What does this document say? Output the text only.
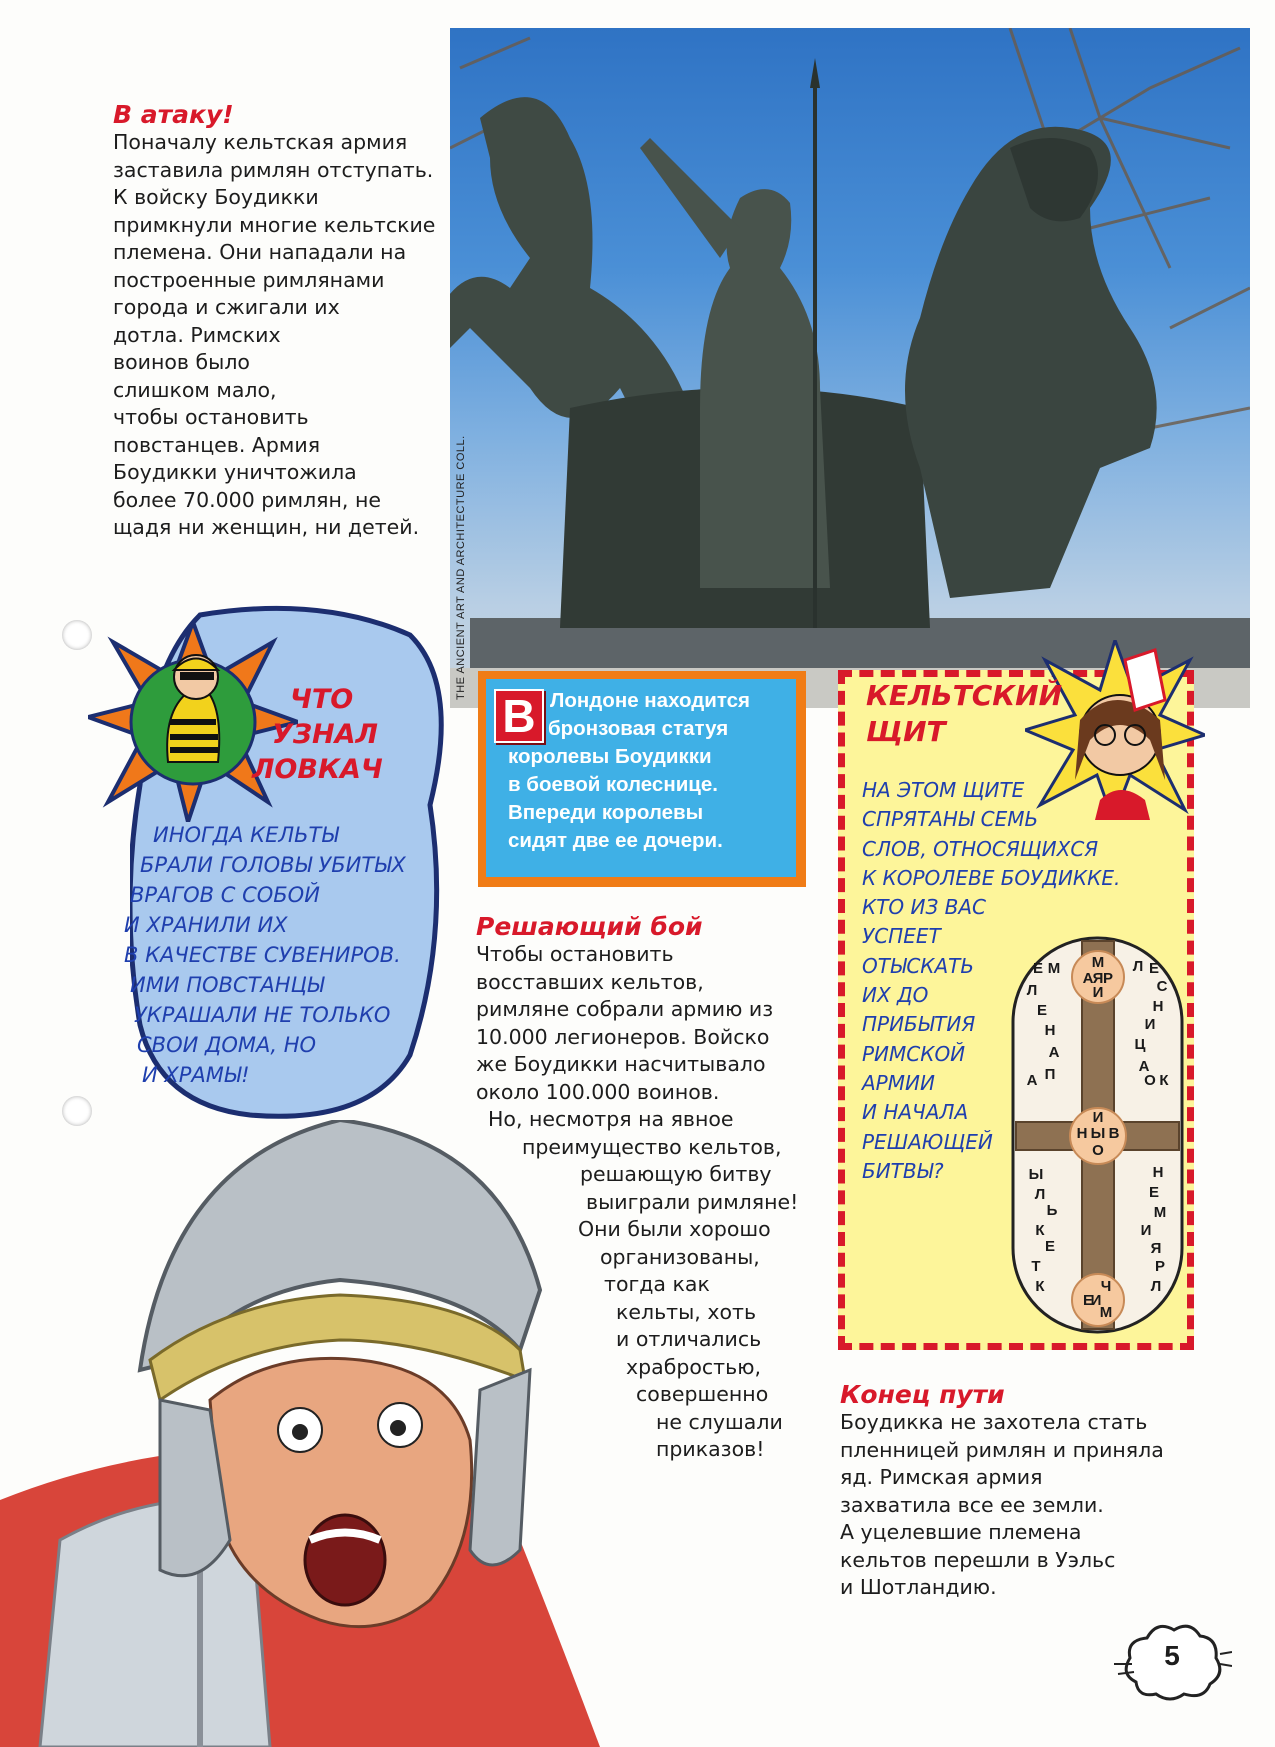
THE ANCIENT ART AND ARCHITECTURE COLL.
В атаку!

Поначалу кельтская армия
заставила римлян отступать.
К войску Боудикки
примкнули многие кельтские
племена. Они нападали на
построенные римлянами
города и сжигали их
дотла. Римских
воинов было
слишком мало,
чтобы остановить
повстанцев. Армия
Боудикки уничтожила
более 70.000 римлян, не
щадя ни женщин, ни детей.

ЧТО
УЗНАЛ
ЛОВКАЧ
ИНОГДА КЕЛЬТЫ
БРАЛИ ГОЛОВЫ УБИТЫХ
ВРАГОВ С СОБОЙ
И ХРАНИЛИ ИХ
В КАЧЕСТВЕ СУВЕНИРОВ.
ИМИ ПОВСТАНЦЫ
УКРАШАЛИ НЕ ТОЛЬКО
СВОИ ДОМА, НО
И ХРАМЫ!
В Лондоне находится
бронзовая статуя
королевы Боудикки
в боевой колеснице.
Впереди королевы
сидят две ее дочери.
Решающий бой
Чтобы остановить
восставших кельтов,
римляне собрали армию из
10.000 легионеров. Войско
же Боудикки насчитывало
около 100.000 воинов.
Но, несмотря на явное
преимущество кельтов,
решающую битву
выиграли римляне!
Они были хорошо
организованы,
тогда как
кельты, хоть
и отличались
храбростью,
совершенно
не слушали
приказов!
КЕЛЬТСКИЙ
ЩИТ
НА ЭТОМ ЩИТЕ
СПРЯТАНЫ СЕМЬ
СЛОВ, ОТНОСЯЩИХСЯ
К КОРОЛЕВЕ БОУДИККЕ.
КТО ИЗ ВАС
УСПЕЕТ
ОТЫСКАТЬ
ИХ ДО
ПРИБЫТИЯ
РИМСКОЙ
АРМИИ
И НАЧАЛА
РЕШАЮЩЕЙ
БИТВЫ?
М
А Я Р
И
Е М
Л
Е
Н
А
П
А
Л Е
С
Н
И
Ц
А
О К
И
Н Ы В
О
Ы
Л
Ь
К
Е
Т
К
Н
Е
М
И
Я
Р
Л
Ч
Е
И
М
Конец пути

Боудикка не захотела стать
пленницей римлян и приняла
яд. Римская армия
захватила все ее земли.
А уцелевшие племена
кельтов перешли в Уэльс
и Шотландию.

5
